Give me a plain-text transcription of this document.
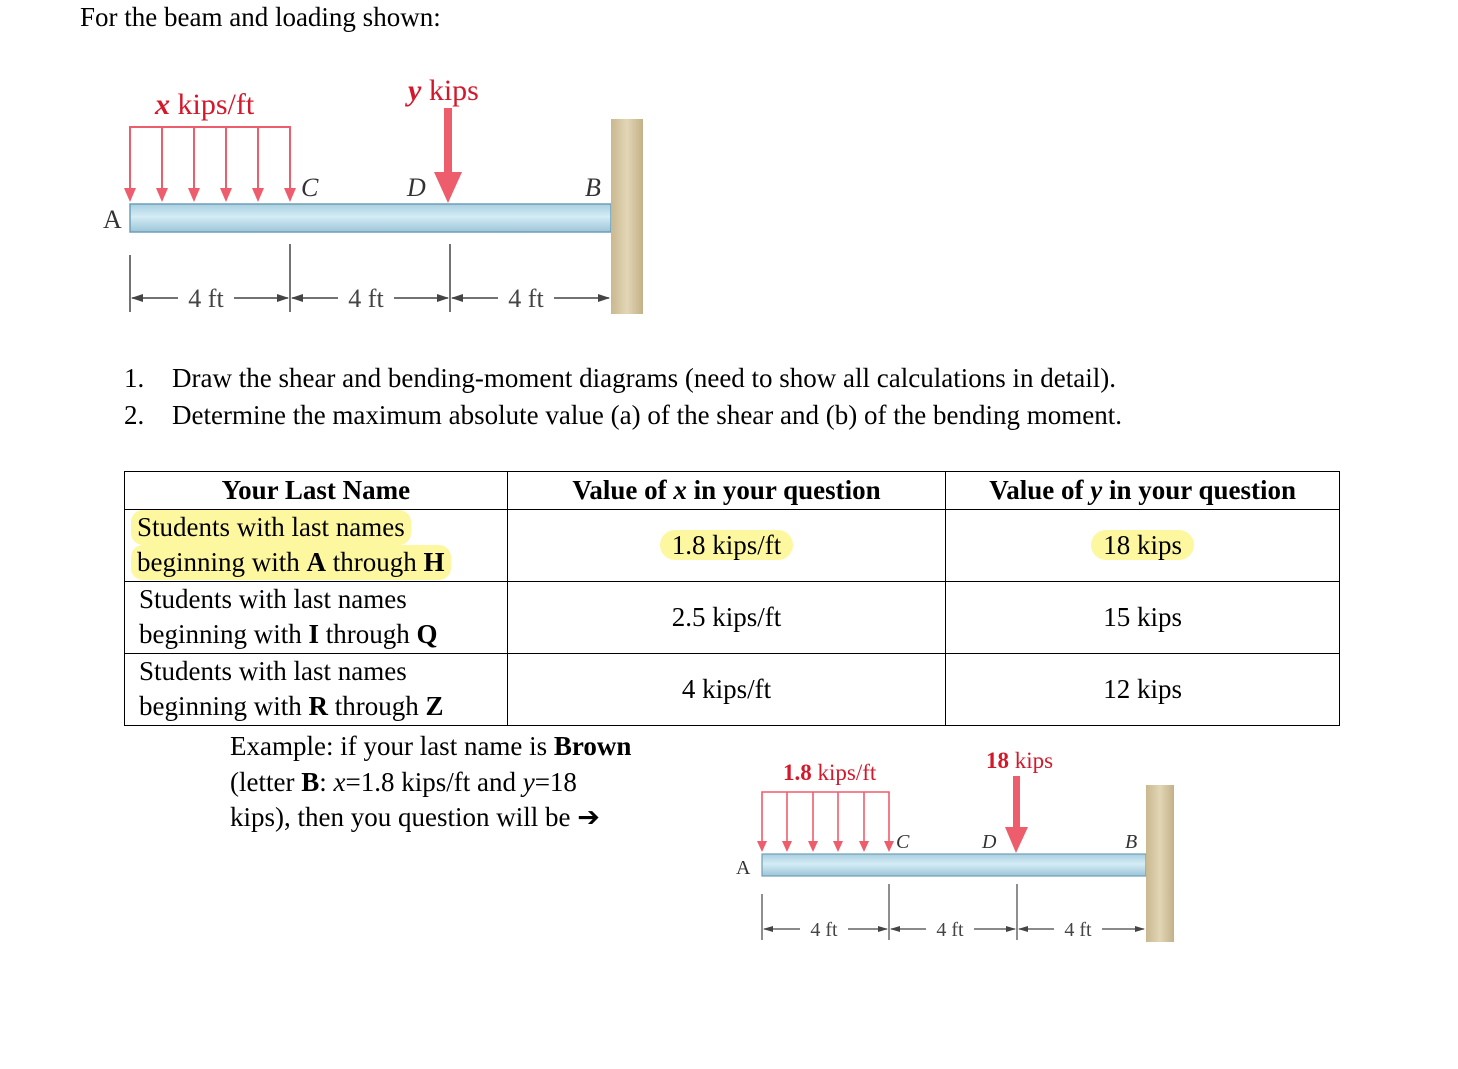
For the beam and loading shown:
x kips/ft	y kips
A
C	D	B
4 ft	4 ft	4 ft
1. Draw the shear and bending-moment diagrams (need to show all calculations in detail).
2. Determine the maximum absolute value (a) of the shear and (b) of the bending moment.
Your Last Name	Value of x in your question	Value of y in your question
Students with last names
beginning with A through H	1.8 kips/ft	18 kips
Students with last names
beginning with I through Q	2.5 kips/ft	15 kips
Students with last names
beginning with R through Z	4 kips/ft	12 kips
Example: if your last name is Brown
(letter B: x=1.8 kips/ft and y=18
kips), then you question will be ➔
1.8 kips/ft	18 kips
A
C	D	B
4 ft	4 ft	4 ft
